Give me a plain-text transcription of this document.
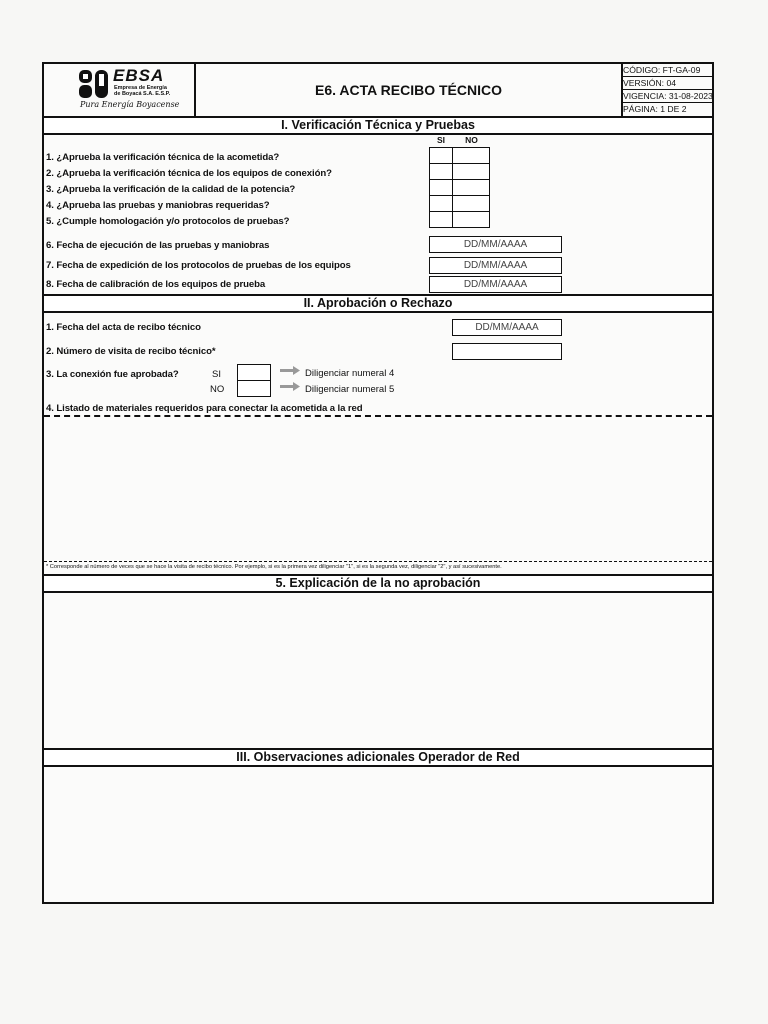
EBSA
Empresa de Energía
de Boyacá S.A. E.S.P.
Pura Energía Boyacense
E6. ACTA RECIBO TÉCNICO
CÓDIGO: FT-GA-09
VERSIÓN: 04
VIGENCIA: 31-08-2023
PÁGINA: 1 DE 2
I. Verificación Técnica y Pruebas
SI	NO
1. ¿Aprueba la verificación técnica de la acometida?
2. ¿Aprueba la verificación técnica de los equipos de conexión?
3. ¿Aprueba la verificación de la calidad de la potencia?
4. ¿Aprueba las pruebas y maniobras requeridas?
5. ¿Cumple homologación y/o protocolos de pruebas?
6. Fecha de ejecución de las pruebas y maniobras	DD/MM/AAAA
7. Fecha de expedición de los protocolos de pruebas de los equipos	DD/MM/AAAA
8. Fecha de calibración de los equipos de prueba	DD/MM/AAAA
II. Aprobación o Rechazo
1. Fecha del acta de recibo técnico	DD/MM/AAAA
2. Número de visita de recibo técnico*
3. La conexión fue aprobada?	SI
NO
Diligenciar numeral 4
Diligenciar numeral 5
4. Listado de materiales requeridos para conectar la acometida a la red
* Corresponde al número de veces que se hace la visita de recibo técnico. Por ejemplo, si es la primera vez diligenciar "1", si es la segunda vez, diligenciar "2", y así sucesivamente.
5. Explicación de la no aprobación
III. Observaciones adicionales Operador de Red
